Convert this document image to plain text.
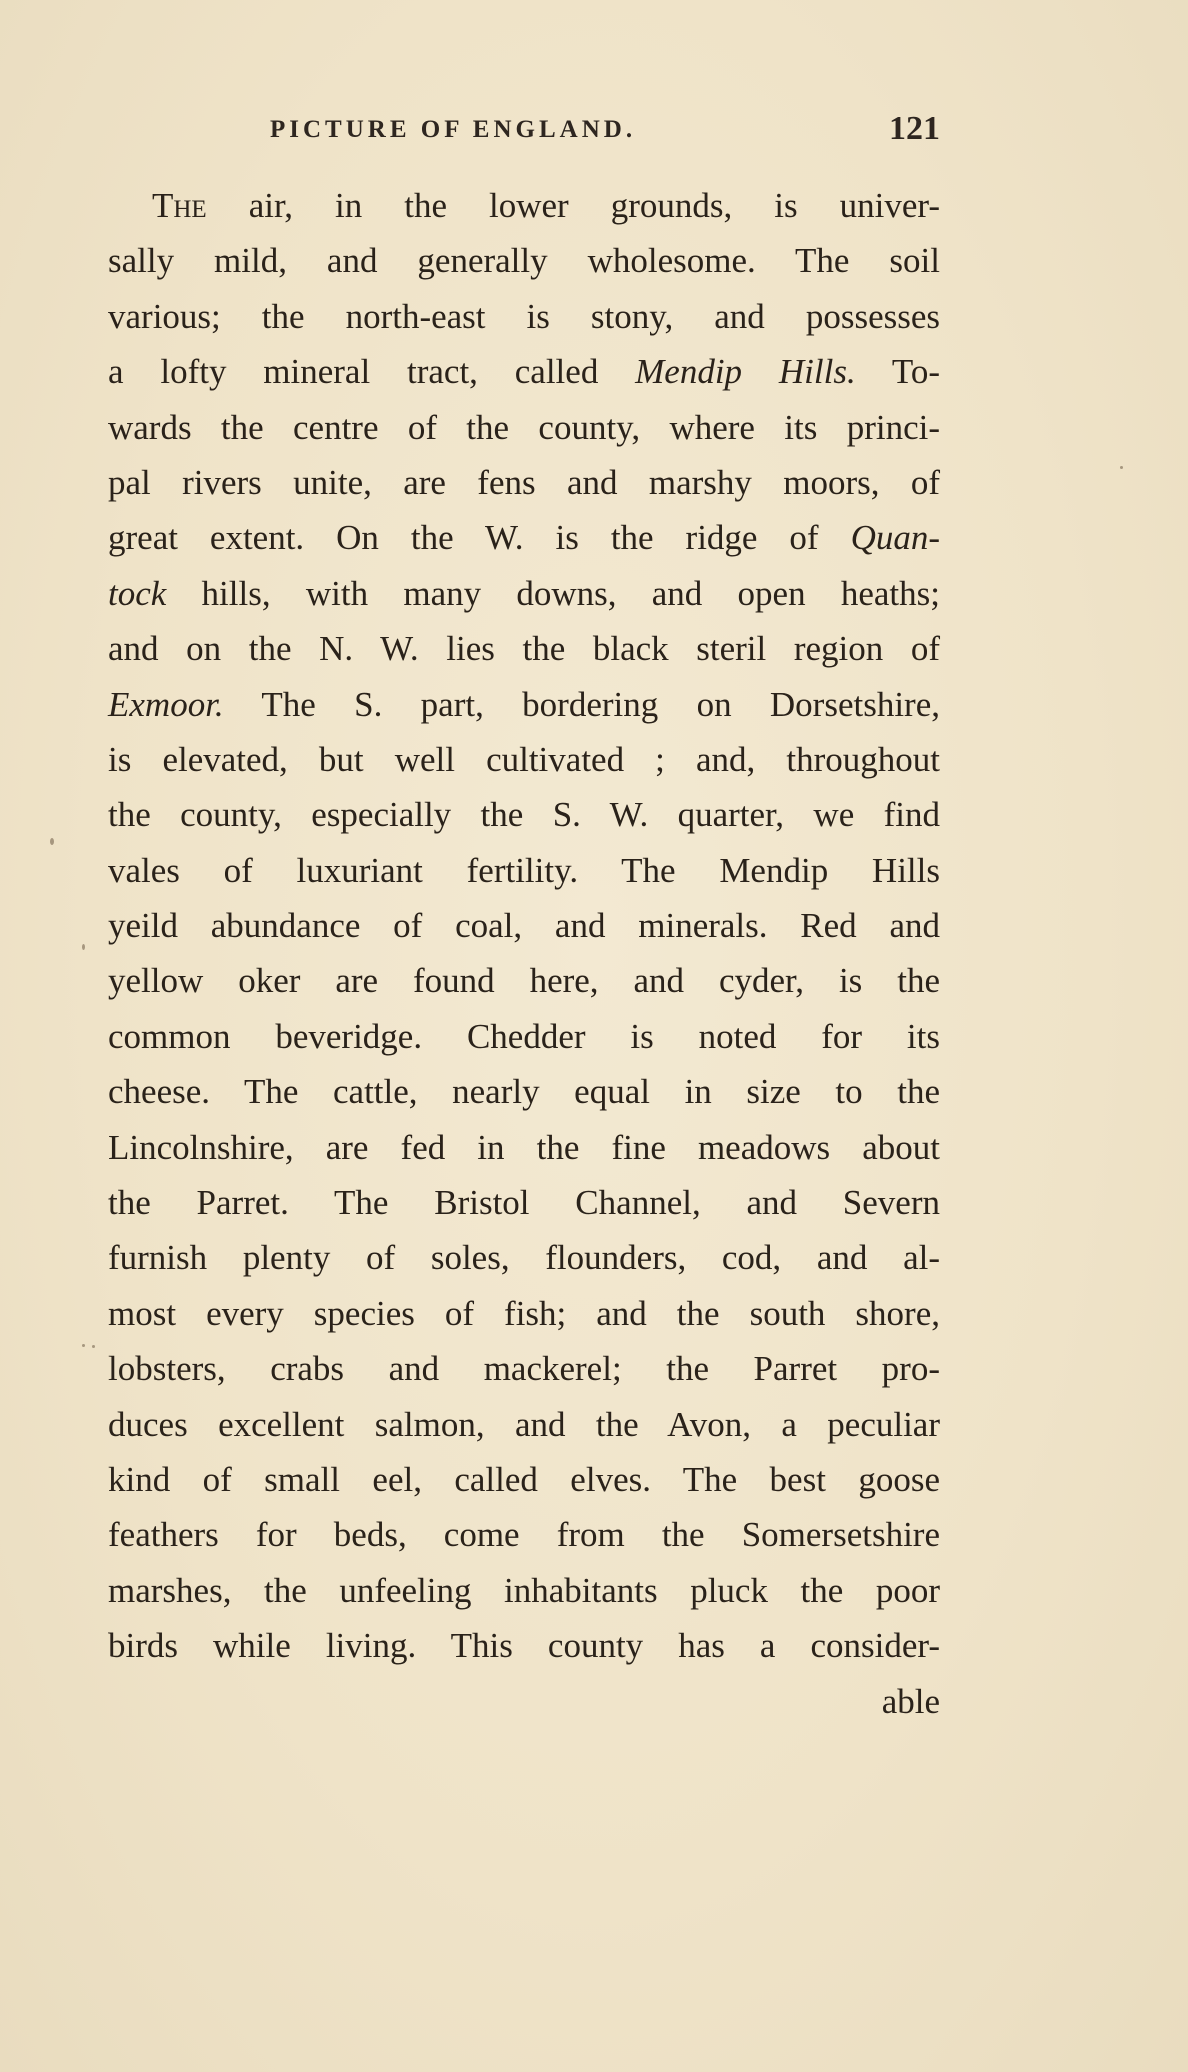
PICTURE OF ENGLAND.	121
The air, in the lower grounds, is univer-
sally mild, and generally wholesome. The soil
various; the north-east is stony, and possesses
a lofty mineral tract, called Mendip Hills. To-
wards the centre of the county, where its princi-
pal rivers unite, are fens and marshy moors, of
great extent. On the W. is the ridge of Quan-
tock hills, with many downs, and open heaths;
and on the N. W. lies the black steril region of
Exmoor. The S. part, bordering on Dorsetshire,
is elevated, but well cultivated ; and, throughout
the county, especially the S. W. quarter, we find
vales of luxuriant fertility. The Mendip Hills
yeild abundance of coal, and minerals. Red and
yellow oker are found here, and cyder, is the
common beveridge. Chedder is noted for its
cheese. The cattle, nearly equal in size to the
Lincolnshire, are fed in the fine meadows about
the Parret. The Bristol Channel, and Severn
furnish plenty of soles, flounders, cod, and al-
most every species of fish; and the south shore,
lobsters, crabs and mackerel; the Parret pro-
duces excellent salmon, and the Avon, a peculiar
kind of small eel, called elves. The best goose
feathers for beds, come from the Somersetshire
marshes, the unfeeling inhabitants pluck the poor
birds while living. This county has a consider-
able
